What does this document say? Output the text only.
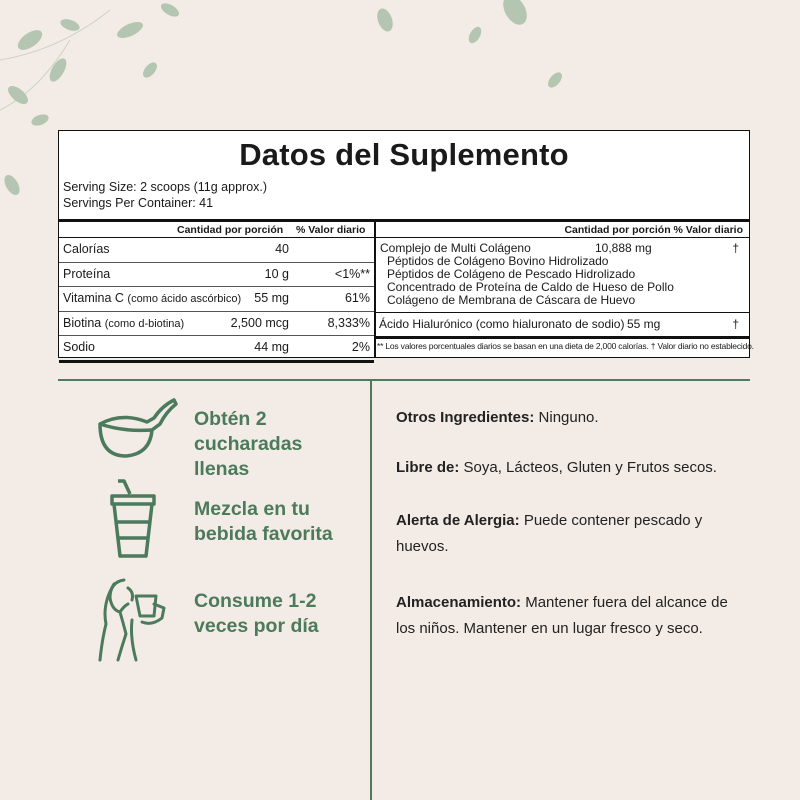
Datos del Suplemento
Serving Size: 2 scoops (11g approx.)
Servings Per Container: 41
Cantidad por porción % Valor diario
Calorías	40
Proteína	10 g	<1%**
Vitamina C (como ácido ascórbico) 55 mg	61%
Biotina (como d-biotina)	2,500 mcg	8,333%
Sodio	44 mg	2%
Cantidad por porción % Valor diario
Complejo de Multi Colágeno	10,888 mg	†
Péptidos de Colágeno Bovino Hidrolizado
Péptidos de Colágeno de Pescado Hidrolizado
Concentrado de Proteína de Caldo de Hueso de Pollo
Colágeno de Membrana de Cáscara de Huevo
Ácido Hialurónico (como hialuronato de sodio) 55 mg	†
** Los valores porcentuales diarios se basan en una dieta de 2,000 calorías. † Valor diario no establecido.
Obtén 2
cucharadas
llenas
Mezcla en tu
bebida favorita
Consume 1-2
veces por día
Otros Ingredientes: Ninguno.
Libre de: Soya, Lácteos, Gluten y Frutos secos.
Alerta de Alergia: Puede contener pescado y huevos.
Almacenamiento: Mantener fuera del alcance de los niños. Mantener en un lugar fresco y seco.
